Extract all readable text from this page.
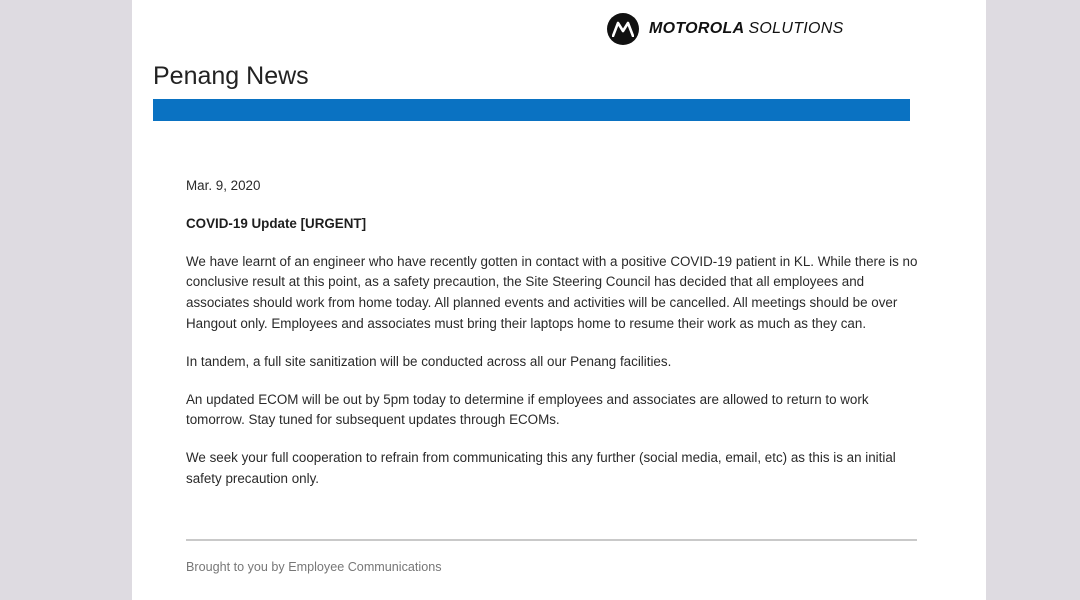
MOTOROLA SOLUTIONS
Penang News
Mar. 9, 2020
COVID-19 Update [URGENT]

We have learnt of an engineer who have recently gotten in contact with a positive COVID-19 patient in KL. While there is no conclusive result at this point, as a safety precaution, the Site Steering Council has decided that all employees and associates should work from home today. All planned events and activities will be cancelled. All meetings should be over Hangout only. Employees and associates must bring their laptops home to resume their work as much as they can.

In tandem, a full site sanitization will be conducted across all our Penang facilities.

An updated ECOM will be out by 5pm today to determine if employees and associates are allowed to return to work tomorrow. Stay tuned for subsequent updates through ECOMs.

We seek your full cooperation to refrain from communicating this any further (social media, email, etc) as this is an initial safety precaution only.

Brought to you by Employee Communications
